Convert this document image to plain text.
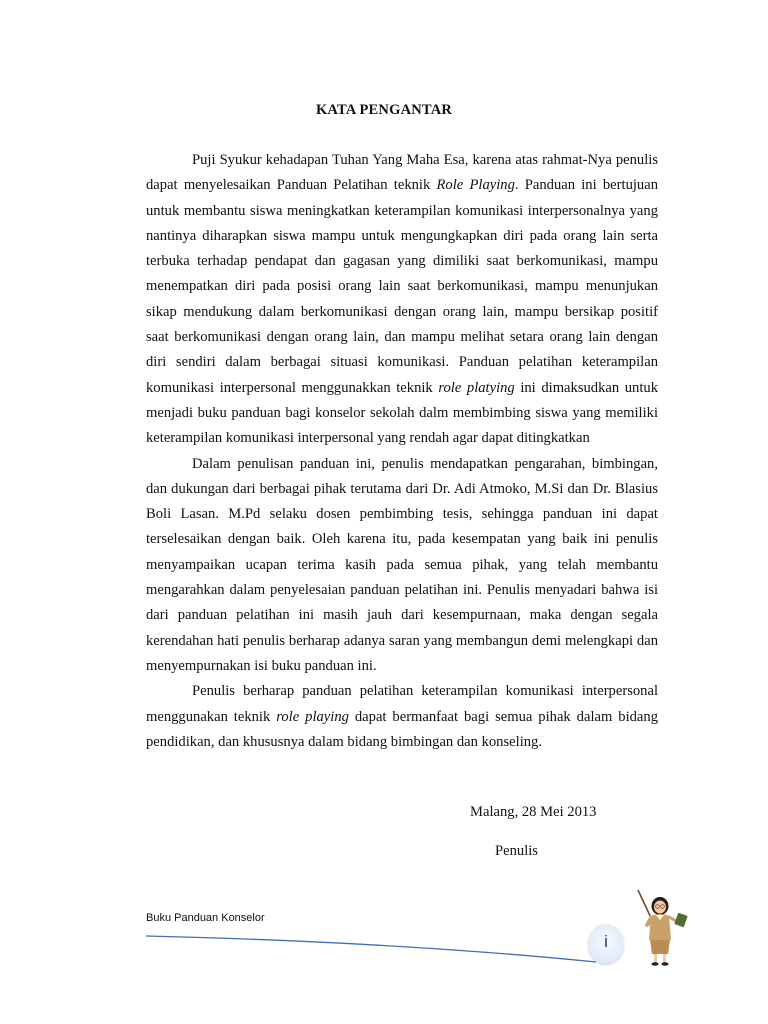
KATA PENGANTAR

Puji Syukur kehadapan Tuhan Yang Maha Esa, karena atas rahmat-Nya penulis dapat menyelesaikan Panduan Pelatihan teknik Role Playing. Panduan ini bertujuan untuk membantu siswa meningkatkan keterampilan komunikasi interpersonalnya yang nantinya diharapkan siswa mampu untuk mengungkapkan diri pada orang lain serta terbuka terhadap pendapat dan gagasan yang dimiliki saat berkomunikasi, mampu menempatkan diri pada posisi orang lain saat berkomunikasi, mampu menunjukan sikap mendukung dalam berkomunikasi dengan orang lain, mampu bersikap positif saat berkomunikasi dengan orang lain, dan mampu melihat setara orang lain dengan diri sendiri dalam berbagai situasi komunikasi. Panduan pelatihan keterampilan komunikasi interpersonal menggunakkan teknik role platying ini dimaksudkan untuk menjadi buku panduan bagi konselor sekolah dalm membimbing siswa yang memiliki keterampilan komunikasi interpersonal yang rendah agar dapat ditingkatkan

Dalam penulisan panduan ini, penulis mendapatkan pengarahan, bimbingan, dan dukungan dari berbagai pihak terutama dari Dr. Adi Atmoko, M.Si dan Dr. Blasius Boli Lasan. M.Pd selaku dosen pembimbing tesis, sehingga panduan ini dapat terselesaikan dengan baik. Oleh karena itu, pada kesempatan yang baik ini penulis menyampaikan ucapan terima kasih pada semua pihak, yang telah membantu mengarahkan dalam penyelesaian panduan pelatihan ini. Penulis menyadari bahwa isi dari panduan pelatihan ini masih jauh dari kesempurnaan, maka dengan segala kerendahan hati penulis berharap adanya saran yang membangun demi melengkapi dan menyempurnakan isi buku panduan ini.

Penulis berharap panduan pelatihan keterampilan komunikasi interpersonal menggunakan teknik role playing dapat bermanfaat bagi semua pihak dalam bidang pendidikan, dan khususnya dalam bidang bimbingan dan konseling.

Malang, 28 Mei 2013
Penulis
Buku Panduan Konselor
i
